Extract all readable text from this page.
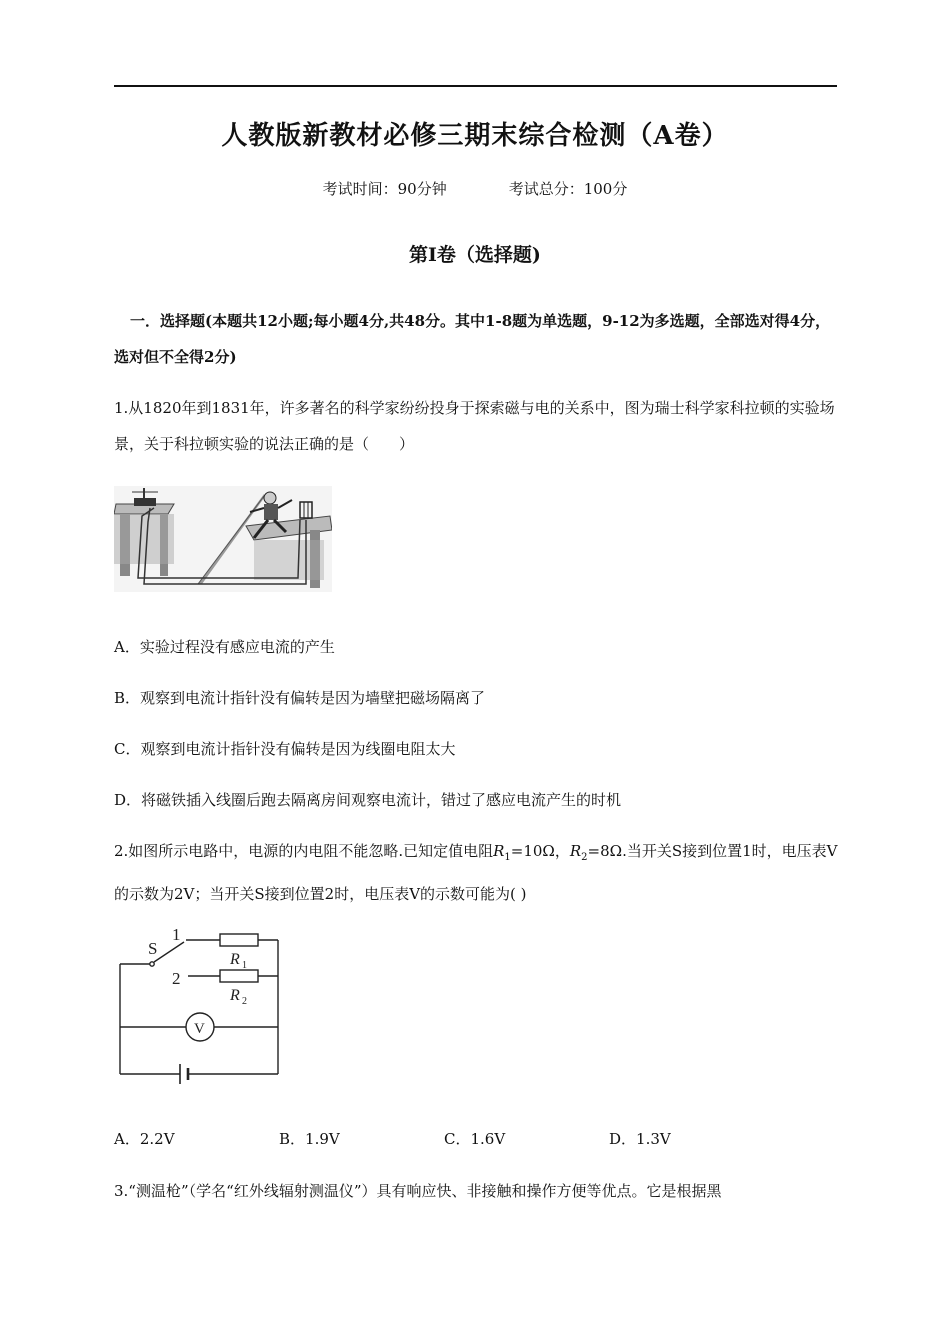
人教版新教材必修三期末综合检测（A卷）
考试时间：90分钟	考试总分：100分
第I卷（选择题)
一．选择题(本题共12小题;每小题4分,共48分。其中1-8题为单选题，9-12为多选题，全部选对得4分，选对但不全得2分)
1.从1820年到1831年，许多著名的科学家纷纷投身于探索磁与电的关系中，图为瑞士科学家科拉顿的实验场景，关于科拉顿实验的说法正确的是（　　）
A．实验过程没有感应电流的产生
B．观察到电流计指针没有偏转是因为墙壁把磁场隔离了
C．观察到电流计指针没有偏转是因为线圈电阻太大
D．将磁铁插入线圈后跑去隔离房间观察电流计，错过了感应电流产生的时机
2.如图所示电路中，电源的内电阻不能忽略.已知定值电阻$R_1=10\Omega$，$R_2=8\Omega$.当开关S接到位置1时，电压表V的示数为2V；当开关S接到位置2时，电压表V的示数可能为( )
S
1
2
R 1
R 2
V
A．2.2V	B．1.9V	C．1.6V	D．1.3V
3.“测温枪”（学名“红外线辐射测温仪”）具有响应快、非接触和操作方便等优点。它是根据黑
